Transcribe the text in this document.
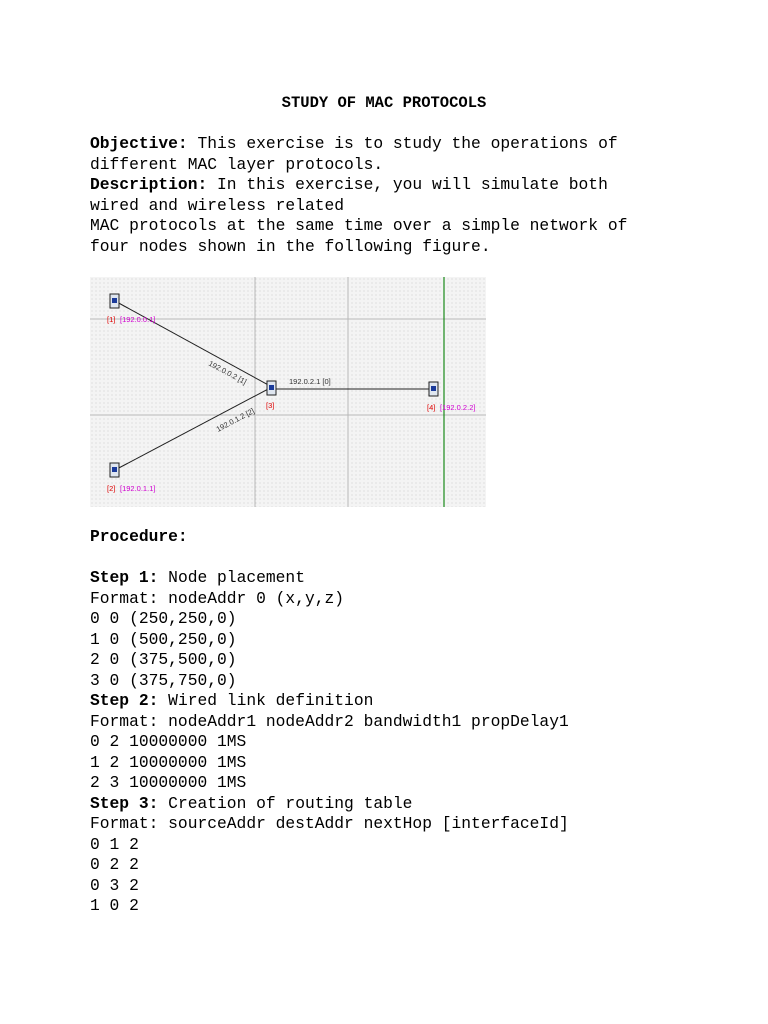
STUDY OF MAC PROTOCOLS
Objective: This exercise is to study the operations of
different MAC layer protocols.
Description: In this exercise, you will simulate both
wired and wireless related
MAC protocols at the same time over a simple network of
four nodes shown in the following figure.
[1] [192.0.0.1]
[2] [192.0.1.1]
[3]	[4] [192.0.2.2]
192.0.0.2 [1]
192.0.1.2 [2]
192.0.2.1 [0]
Procedure:

Step 1: Node placement
Format: nodeAddr 0 (x,y,z)
0 0 (250,250,0)
1 0 (500,250,0)
2 0 (375,500,0)
3 0 (375,750,0)
Step 2: Wired link definition
Format: nodeAddr1 nodeAddr2 bandwidth1 propDelay1
0 2 10000000 1MS
1 2 10000000 1MS
2 3 10000000 1MS
Step 3: Creation of routing table
Format: sourceAddr destAddr nextHop [interfaceId]
0 1 2
0 2 2
0 3 2
1 0 2
